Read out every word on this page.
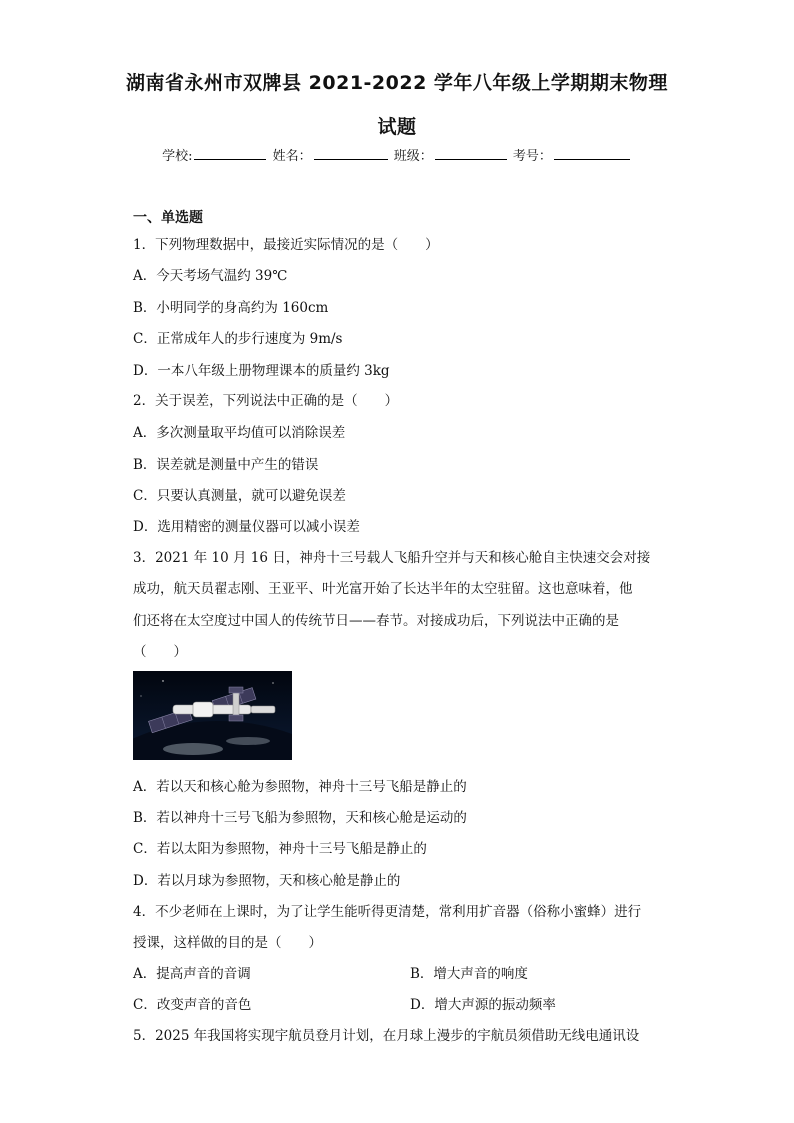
湖南省永州市双牌县 2021-2022 学年八年级上学期期末物理
试题
学校:	姓名：	班级：	考号：
一、单选题
1．下列物理数据中，最接近实际情况的是（　　）
A．今天考场气温约 39℃
B．小明同学的身高约为 160cm
C．正常成年人的步行速度为 9m/s
D．一本八年级上册物理课本的质量约 3kg
2．关于误差，下列说法中正确的是（　　）
A．多次测量取平均值可以消除误差
B．误差就是测量中产生的错误
C．只要认真测量，就可以避免误差
D．选用精密的测量仪器可以减小误差
3．2021 年 10 月 16 日，神舟十三号载人飞船升空并与天和核心舱自主快速交会对接
成功，航天员翟志刚、王亚平、叶光富开始了长达半年的太空驻留。这也意味着，他
们还将在太空度过中国人的传统节日——春节。对接成功后，下列说法中正确的是
（　　）
A．若以天和核心舱为参照物，神舟十三号飞船是静止的
B．若以神舟十三号飞船为参照物，天和核心舱是运动的
C．若以太阳为参照物，神舟十三号飞船是静止的
D．若以月球为参照物，天和核心舱是静止的
4．不少老师在上课时，为了让学生能听得更清楚，常利用扩音器（俗称小蜜蜂）进行
授课，这样做的目的是（　　）
A．提高声音的音调	B．增大声音的响度
C．改变声音的音色	D．增大声源的振动频率
5．2025 年我国将实现宇航员登月计划，在月球上漫步的宇航员须借助无线电通讯设
